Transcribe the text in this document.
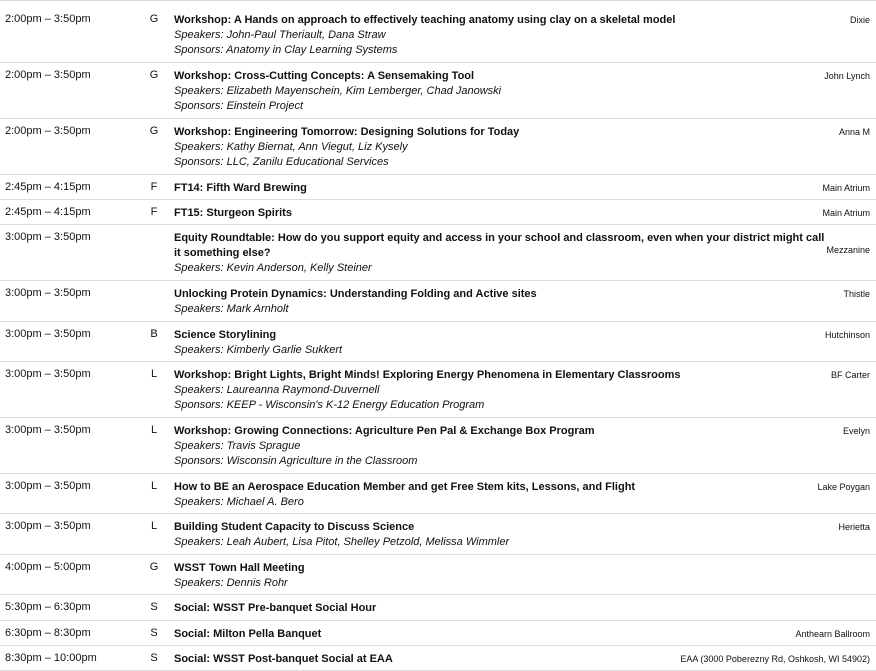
2:00pm – 3:50pm	G Workshop: A Hands on approach to effectively teaching anatomy using clay on a skeletal model
Speakers: John-Paul Theriault, Dana Straw
Sponsors: Anatomy in Clay Learning Systems
Dixie
2:00pm – 3:50pm	G Workshop: Cross-Cutting Concepts: A Sensemaking Tool
Speakers: Elizabeth Mayenschein, Kim Lemberger, Chad Janowski
Sponsors: Einstein Project
John Lynch
2:00pm – 3:50pm	G Workshop: Engineering Tomorrow: Designing Solutions for Today
Speakers: Kathy Biernat, Ann Viegut, Liz Kysely
Sponsors: LLC, Zanilu Educational Services
Anna M
2:45pm – 4:15pm	F FT14: Fifth Ward Brewing	Main Atrium
2:45pm – 4:15pm	F FT15: Sturgeon Spirits	Main Atrium
3:00pm – 3:50pm	Equity Roundtable: How do you support equity and access in your school and classroom, even when your district might call it something else?
Speakers: Kevin Anderson, Kelly Steiner
Mezzanine
3:00pm – 3:50pm	Unlocking Protein Dynamics: Understanding Folding and Active sites
Speakers: Mark Arnholt
Thistle
3:00pm – 3:50pm	B Science Storylining
Speakers: Kimberly Garlie Sukkert
Hutchinson
3:00pm – 3:50pm	L Workshop: Bright Lights, Bright Minds! Exploring Energy Phenomena in Elementary Classrooms
Speakers: Laureanna Raymond-Duvernell
Sponsors: KEEP - Wisconsin's K-12 Energy Education Program
BF Carter
3:00pm – 3:50pm	L Workshop: Growing Connections: Agriculture Pen Pal & Exchange Box Program
Speakers: Travis Sprague
Sponsors: Wisconsin Agriculture in the Classroom
Evelyn
3:00pm – 3:50pm	L How to BE an Aerospace Education Member and get Free Stem kits, Lessons, and Flight
Speakers: Michael A. Bero
Lake Poygan
3:00pm – 3:50pm	L Building Student Capacity to Discuss Science
Speakers: Leah Aubert, Lisa Pitot, Shelley Petzold, Melissa Wimmler
Herietta
4:00pm – 5:00pm	G WSST Town Hall Meeting
Speakers: Dennis Rohr
5:30pm – 6:30pm	S Social: WSST Pre-banquet Social Hour
6:30pm – 8:30pm	S Social: Milton Pella Banquet	Anthearn Ballroom
8:30pm – 10:00pm	S Social: WSST Post-banquet Social at EAA	EAA (3000 Poberezny Rd, Oshkosh, WI 54902)
